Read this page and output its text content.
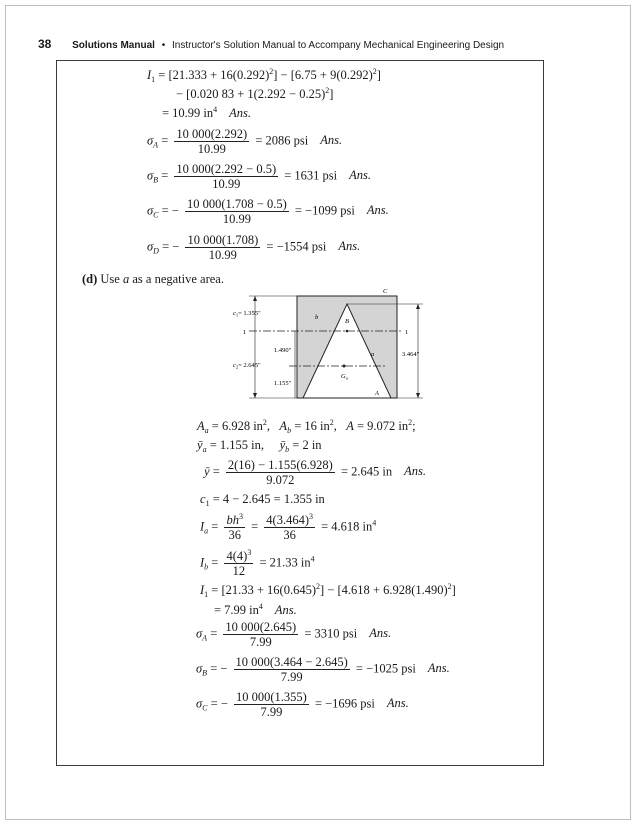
38 Solutions Manual • Instructor's Solution Manual to Accompany Mechanical Engineering Design
$I_1 = [21.333 + 16(0.292)^2] - [6.75 + 9(0.292)^2]$
− [0.020 $83 + 1(2.292 - 0.25)^2$]
= 10.99 $in^4$ Ans.
$\sigma_A = \frac{10 000(2.292)}{10.99} = 2086$ psi Ans.
$\sigma_B = \frac{10 000(2.292 - 0.5)}{10.99} = 1631$ psi Ans.
$\sigma_C$ = − $\frac{10 000(1.708 - 0.5)}{10.99} = -1099$ psi Ans.
$\sigma_D$ = − $\frac{10 000(1.708)}{10.99} = -1554$ psi Ans.
(d) Use a as a negative area.
$c_1= 1.355$"
$c_2= 2.645$"
1	1
1.490"
1.155"
3.464"
b
a
B
C
A
$G_a$
$A_a = 6.928$ $in^2$,   $A_b = 16$ $in^2$,   A = 9.072 $in^2$;
$ȳ_a = 1.155$ in, $ȳ_b = 2$ in
ȳ = $\frac{2(16) - 1.155(6.928)}{9.072} = 2.645$ in Ans.
$c_1 = 4 - 2.645 = 1.355$ in
$I_a = \frac{bh^3}{36} = \frac{4(3.464)^3}{36} = 4.618$ $in^4$
$I_b = \frac{4(4)^3}{12} = 21.33$ $in^4$
$I_1 = [21.33 + 16(0.645)^2] - [4.618 + 6.928(1.490)^2]$
= 7.99 $in^4$ Ans.
$\sigma_A = \frac{10 000(2.645)}{7.99} = 3310$ psi Ans.
$\sigma_B$ = − $\frac{10 000(3.464 - 2.645)}{7.99} = -1025$ psi Ans.
$\sigma_C$ = − $\frac{10 000(1.355)}{7.99} = -1696$ psi Ans.
